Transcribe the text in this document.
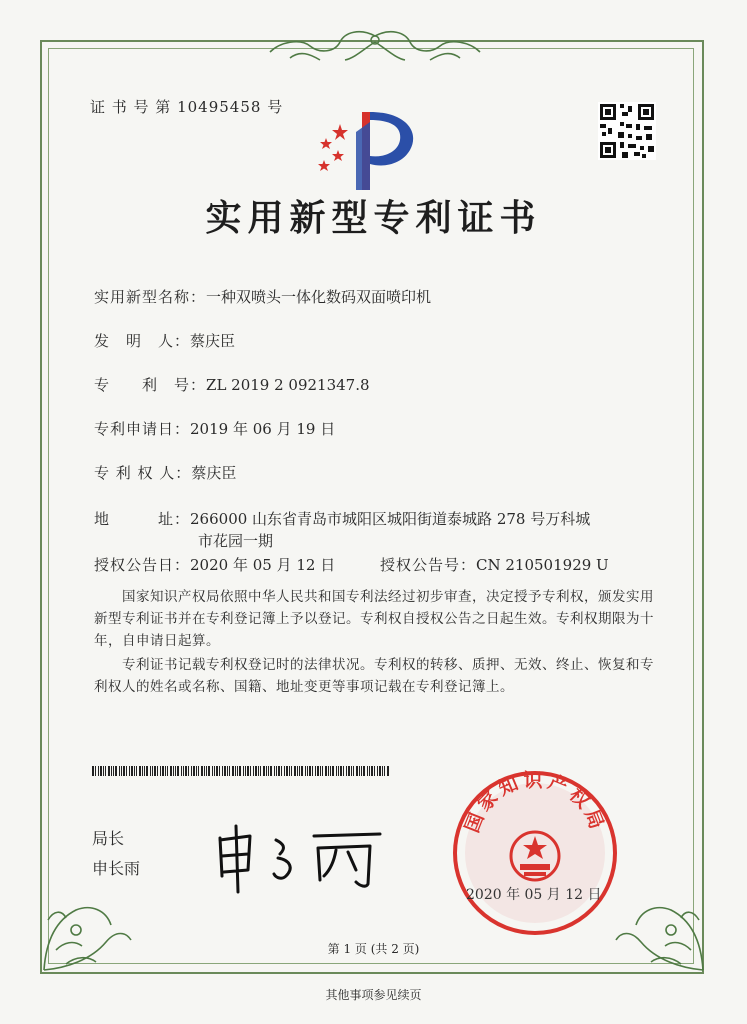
证 书 号 第 10495458 号
实用新型专利证书
实用新型名称：一种双喷头一体化数码双面喷印机
发　明　人：蔡庆臣
专　　利　号：ZL 2019 2 0921347.8
专利申请日：2019 年 06 月 19 日
专 利 权 人：蔡庆臣
地　　　址：266000 山东省青岛市城阳区城阳街道泰城路 278 号万科城
市花园一期
授权公告日：2020 年 05 月 12 日	授权公告号：CN 210501929 U
国家知识产权局依照中华人民共和国专利法经过初步审查，决定授予专利权，颁发实用
新型专利证书并在专利登记簿上予以登记。专利权自授权公告之日起生效。专利权期限为十
年，自申请日起算。
专利证书记载专利权登记时的法律状况。专利权的转移、质押、无效、终止、恢复和专
利权人的姓名或名称、国籍、地址变更等事项记载在专利登记簿上。
局长
申长雨
国家知识产权局
2020 年 05 月 12 日
第 1 页 (共 2 页)
其他事项参见续页
